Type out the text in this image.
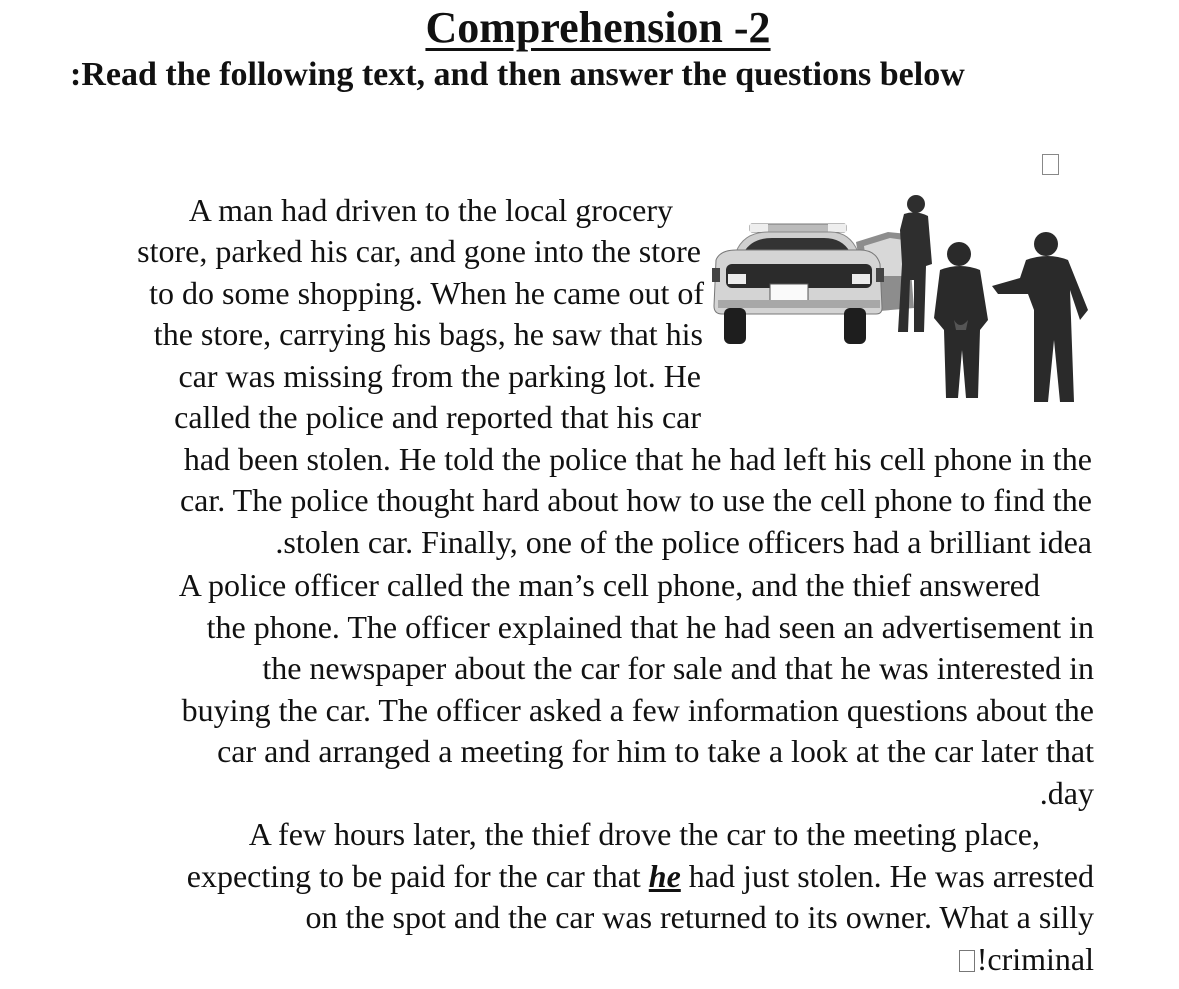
Comprehension -2
:Read the following text, and then answer the questions below
A man had driven to the local grocery
store, parked his car, and gone into the store
to do some shopping. When he came out of
the store, carrying his bags, he saw that his
car was missing from the parking lot. He
called the police and reported that his car
had been stolen. He told the police that he had left his cell phone in the
car. The police thought hard about how to use the cell phone to find the
.stolen car. Finally, one of the police officers had a brilliant idea
A police officer called the man’s cell phone, and the thief answered
the phone. The officer explained that he had seen an advertisement in
the newspaper about the car for sale and that he was interested in
buying the car. The officer asked a few information questions about the
car and arranged a meeting for him to take a look at the car later that
.day
A few hours later, the thief drove the car to the meeting place,
expecting to be paid for the car that he had just stolen. He was arrested
on the spot and the car was returned to its owner. What a silly
!criminal
